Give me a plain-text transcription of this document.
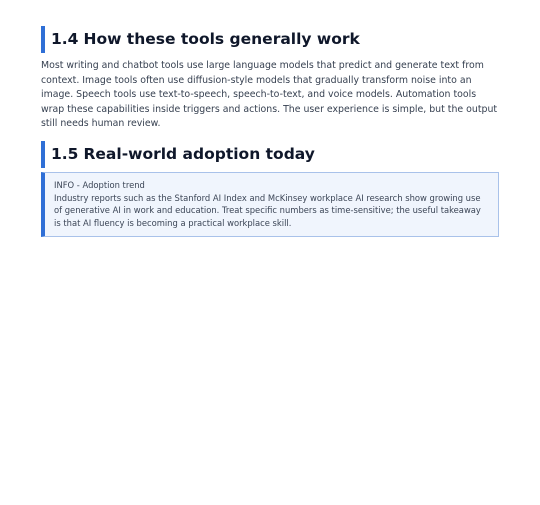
1.4 How these tools generally work

Most writing and chatbot tools use large language models that predict and generate text from context. Image tools often use diffusion-style models that gradually transform noise into an image. Speech tools use text-to-speech, speech-to-text, and voice models. Automation tools wrap these capabilities inside triggers and actions. The user experience is simple, but the output still needs human review.

1.5 Real-world adoption today
INFO - Adoption trend
Industry reports such as the Stanford AI Index and McKinsey workplace AI research show growing use of generative AI in work and education. Treat specific numbers as time-sensitive; the useful takeaway is that AI fluency is becoming a practical workplace skill.
